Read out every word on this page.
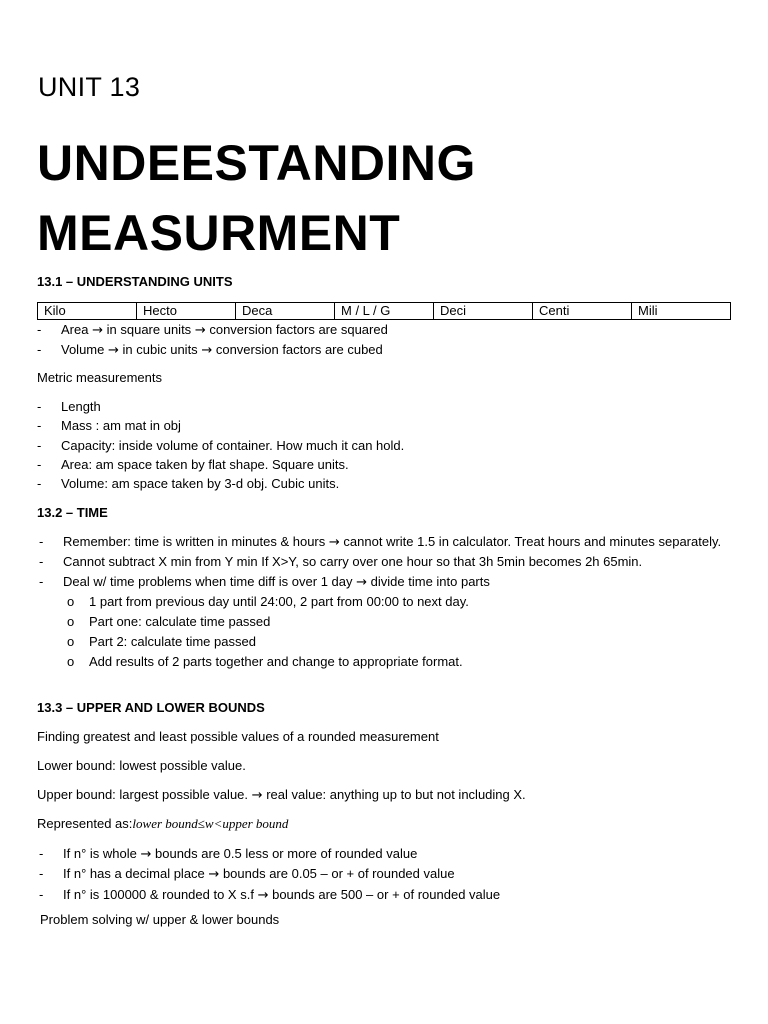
UNIT 13
UNDEESTANDING
MEASURMENT
13.1 – UNDERSTANDING UNITS
Kilo	Hecto	Deca	M / L / G	Deci	Centi	Mili
- Area → in square units → conversion factors are squared
- Volume → in cubic units → conversion factors are cubed
Metric measurements
- Length
- Mass : am mat in obj
- Capacity: inside volume of container. How much it can hold.
- Area: am space taken by flat shape. Square units.
- Volume: am space taken by 3-d obj. Cubic units.
13.2 – TIME
- Remember: time is written in minutes & hours → cannot write 1.5 in calculator. Treat hours and minutes separately.
- Cannot subtract X min from Y min If X>Y, so carry over one hour so that 3h 5min becomes 2h 65min.
- Deal w/ time problems when time diff is over 1 day → divide time into parts
o 1 part from previous day until 24:00, 2 part from 00:00 to next day.
o Part one: calculate time passed
o Part 2: calculate time passed
o Add results of 2 parts together and change to appropriate format.
13.3 – UPPER AND LOWER BOUNDS
Finding greatest and least possible values of a rounded measurement
Lower bound: lowest possible value.
Upper bound: largest possible value. → real value: anything up to but not including X.
Represented as:lower bound≤w<upper bound
- If n° is whole → bounds are 0.5 less or more of rounded value
- If n° has a decimal place → bounds are 0.05 – or + of rounded value
- If n° is 100000 & rounded to X s.f → bounds are 500 – or + of rounded value
Problem solving w/ upper & lower bounds
